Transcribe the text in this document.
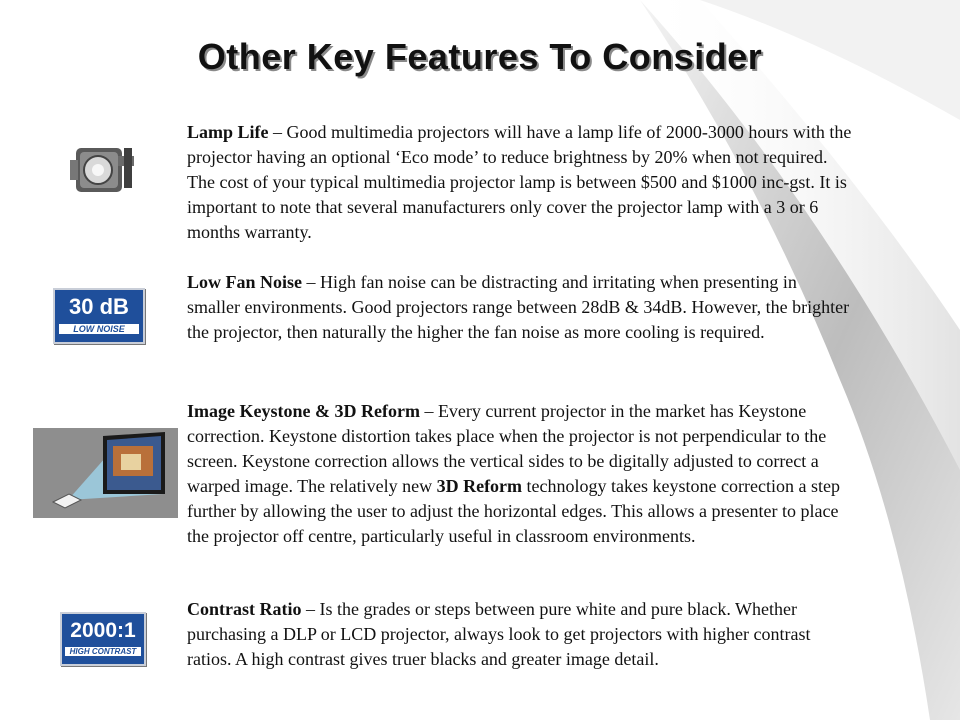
Other Key Features To Consider
Lamp Life – Good multimedia projectors will have a lamp life of 2000-3000 hours with the projector having an optional ‘Eco mode’ to reduce brightness by 20% when not required. The cost of your typical multimedia projector lamp is between $500 and $1000 inc-gst. It is important to note that several manufacturers only cover the projector lamp with a 3 or 6 months warranty.
30 dB
LOW NOISE
Low Fan Noise – High fan noise can be distracting and irritating when presenting in smaller environments. Good projectors range between 28dB & 34dB. However, the brighter the projector, then naturally the higher the fan noise as more cooling is required.
Image Keystone & 3D Reform – Every current projector in the market has Keystone correction. Keystone distortion takes place when the projector is not perpendicular to the screen. Keystone correction allows the vertical sides to be digitally adjusted to correct a warped image. The relatively new 3D Reform technology takes keystone correction a step further by allowing the user to adjust the horizontal edges. This allows a presenter to place the projector off centre, particularly useful in classroom environments.
2000:1
HIGH CONTRAST
Contrast Ratio – Is the grades or steps between pure white and pure black. Whether purchasing a DLP or LCD projector, always look to get projectors with higher contrast ratios. A high contrast gives truer blacks and greater image detail.
